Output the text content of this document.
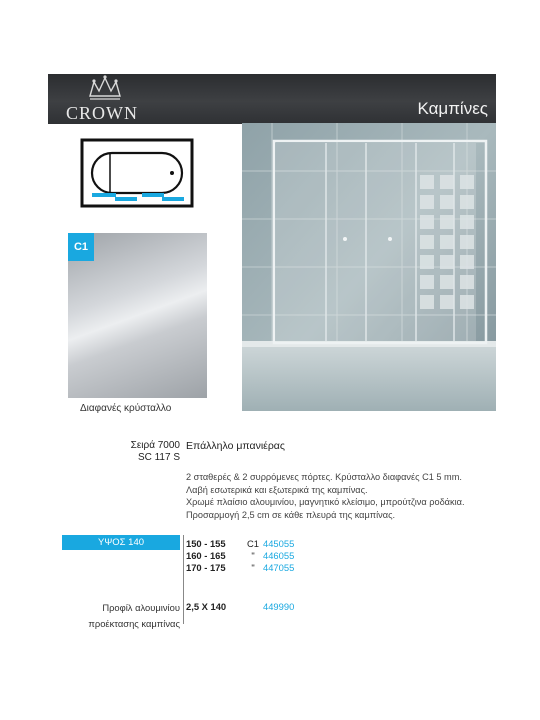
CROWN	Καμπίνες
C1
Διαφανές κρύσταλλο
Σειρά 7000
SC 117 S
Επάλληλο μπανιέρας
2 σταθερές & 2 συρρόμενες πόρτες. Κρύσταλλο διαφανές C1 5 mm.
Λαβή εσωτερικά και εξωτερικά της καμπίνας.
Χρωμέ πλαίσιο αλουμινίου, μαγνητικό κλείσιμο, μπρούτζινα ροδάκια.
Προσαρμογή 2,5 cm σε κάθε πλευρά της καμπίνας.
ΥΨΟΣ 140	150 - 155	C1 445055
160 - 165	" 446055
170 - 175	" 447055
Προφίλ αλουμινίου
προέκτασης καμπίνας
2,5 X 140	449990
